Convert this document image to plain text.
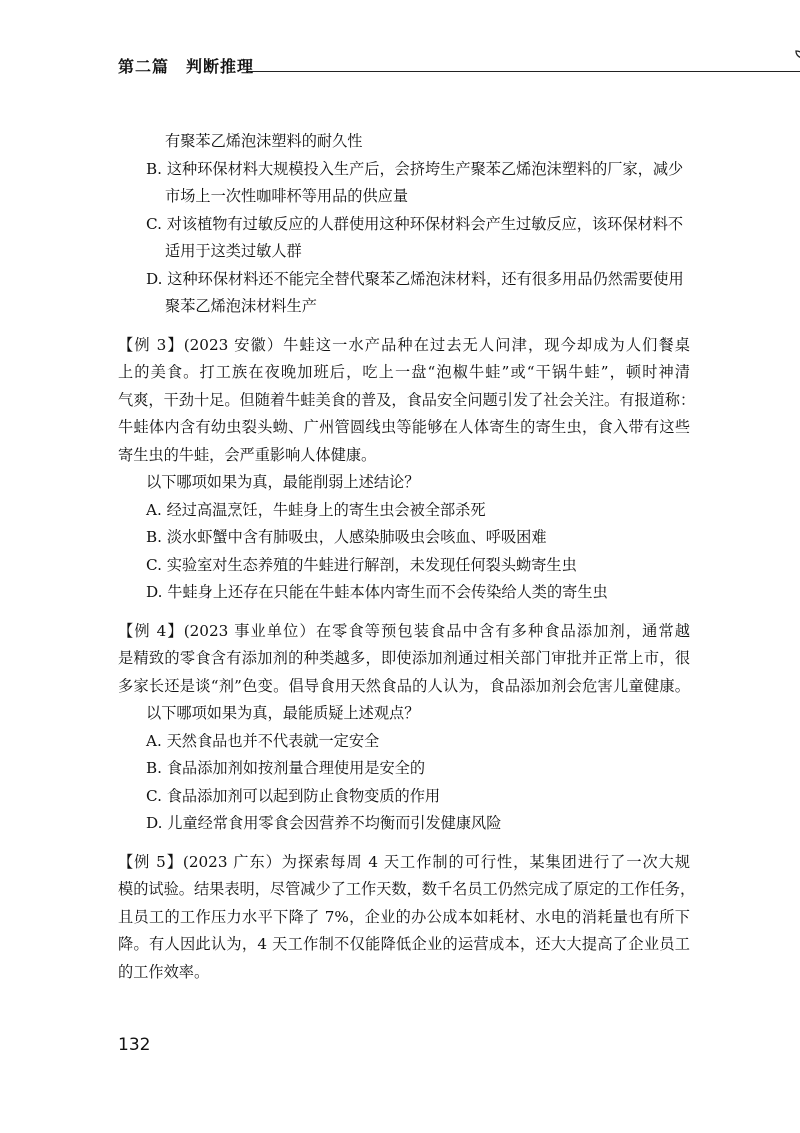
第二篇　判断推理
有聚苯乙烯泡沫塑料的耐久性
B. 这种环保材料大规模投入生产后，会挤垮生产聚苯乙烯泡沫塑料的厂家，减少
市场上一次性咖啡杯等用品的供应量
C. 对该植物有过敏反应的人群使用这种环保材料会产生过敏反应，该环保材料不
适用于这类过敏人群
D. 这种环保材料还不能完全替代聚苯乙烯泡沫材料，还有很多用品仍然需要使用
聚苯乙烯泡沫材料生产
【例 3】(2023 安徽）牛蛙这一水产品种在过去无人问津，现今却成为人们餐桌
上的美食。打工族在夜晚加班后，吃上一盘“泡椒牛蛙”或“干锅牛蛙”，顿时神清
气爽，干劲十足。但随着牛蛙美食的普及，食品安全问题引发了社会关注。有报道称：
牛蛙体内含有幼虫裂头蚴、广州管圆线虫等能够在人体寄生的寄生虫，食入带有这些
寄生虫的牛蛙，会严重影响人体健康。
以下哪项如果为真，最能削弱上述结论？
A. 经过高温烹饪，牛蛙身上的寄生虫会被全部杀死
B. 淡水虾蟹中含有肺吸虫，人感染肺吸虫会咳血、呼吸困难
C. 实验室对生态养殖的牛蛙进行解剖，未发现任何裂头蚴寄生虫
D. 牛蛙身上还存在只能在牛蛙本体内寄生而不会传染给人类的寄生虫
【例 4】(2023 事业单位）在零食等预包装食品中含有多种食品添加剂，通常越
是精致的零食含有添加剂的种类越多，即使添加剂通过相关部门审批并正常上市，很
多家长还是谈“剂”色变。倡导食用天然食品的人认为，食品添加剂会危害儿童健康。
以下哪项如果为真，最能质疑上述观点？
A. 天然食品也并不代表就一定安全
B. 食品添加剂如按剂量合理使用是安全的
C. 食品添加剂可以起到防止食物变质的作用
D. 儿童经常食用零食会因营养不均衡而引发健康风险
【例 5】(2023 广东）为探索每周 4 天工作制的可行性，某集团进行了一次大规
模的试验。结果表明，尽管减少了工作天数，数千名员工仍然完成了原定的工作任务，
且员工的工作压力水平下降了 7%，企业的办公成本如耗材、水电的消耗量也有所下
降。有人因此认为，4 天工作制不仅能降低企业的运营成本，还大大提高了企业员工
的工作效率。
132
